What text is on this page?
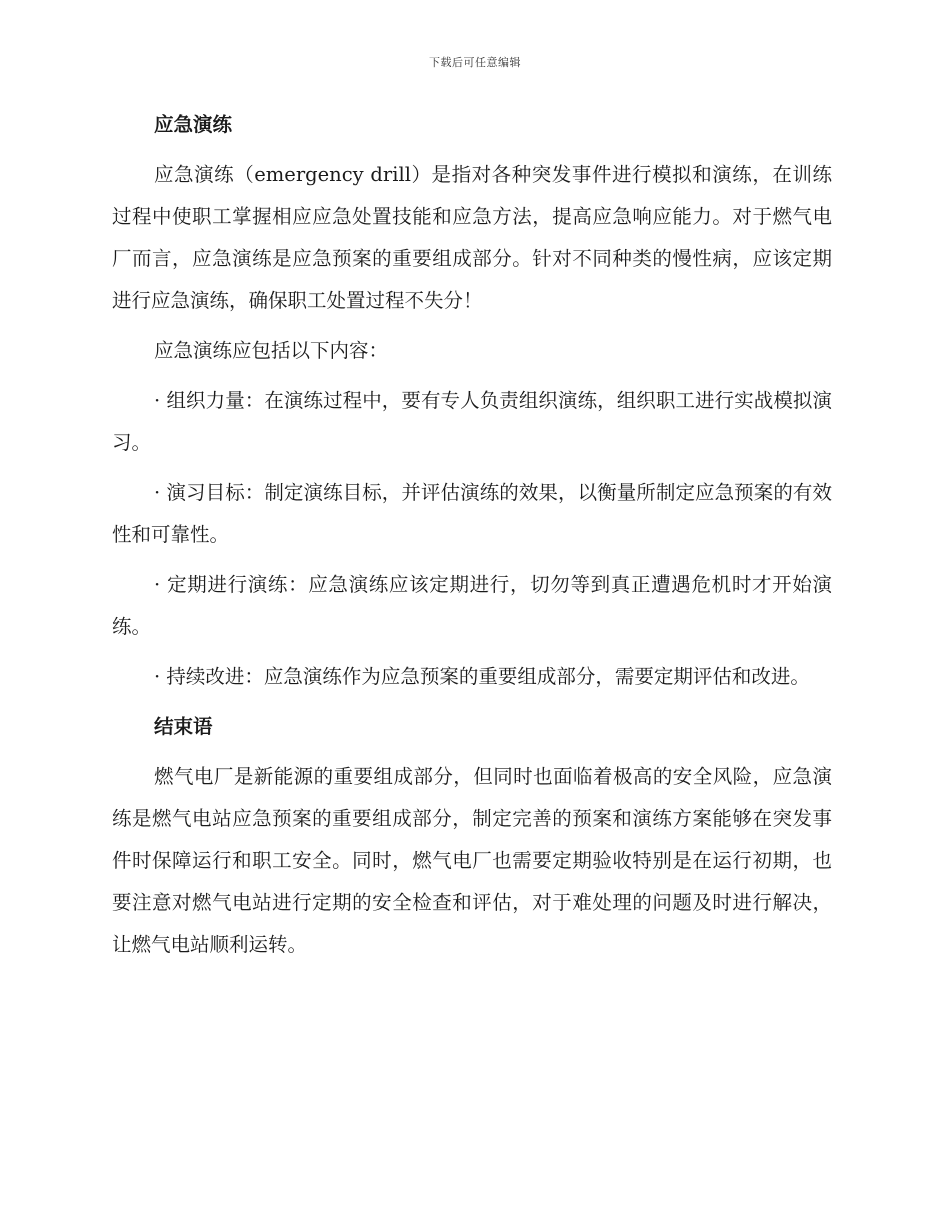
下载后可任意编辑
应急演练

应急演练（emergency drill）是指对各种突发事件进行模拟和演练，在训练过程中使职工掌握相应应急处置技能和应急方法，提高应急响应能力。对于燃气电厂而言，应急演练是应急预案的重要组成部分。针对不同种类的慢性病，应该定期进行应急演练，确保职工处置过程不失分！

应急演练应包括以下内容：

· 组织力量：在演练过程中，要有专人负责组织演练，组织职工进行实战模拟演习。

· 演习目标：制定演练目标，并评估演练的效果，以衡量所制定应急预案的有效性和可靠性。

· 定期进行演练：应急演练应该定期进行，切勿等到真正遭遇危机时才开始演练。

· 持续改进：应急演练作为应急预案的重要组成部分，需要定期评估和改进。

结束语

燃气电厂是新能源的重要组成部分，但同时也面临着极高的安全风险，应急演练是燃气电站应急预案的重要组成部分，制定完善的预案和演练方案能够在突发事件时保障运行和职工安全。同时，燃气电厂也需要定期验收特别是在运行初期，也要注意对燃气电站进行定期的安全检查和评估，对于难处理的问题及时进行解决，让燃气电站顺利运转。
